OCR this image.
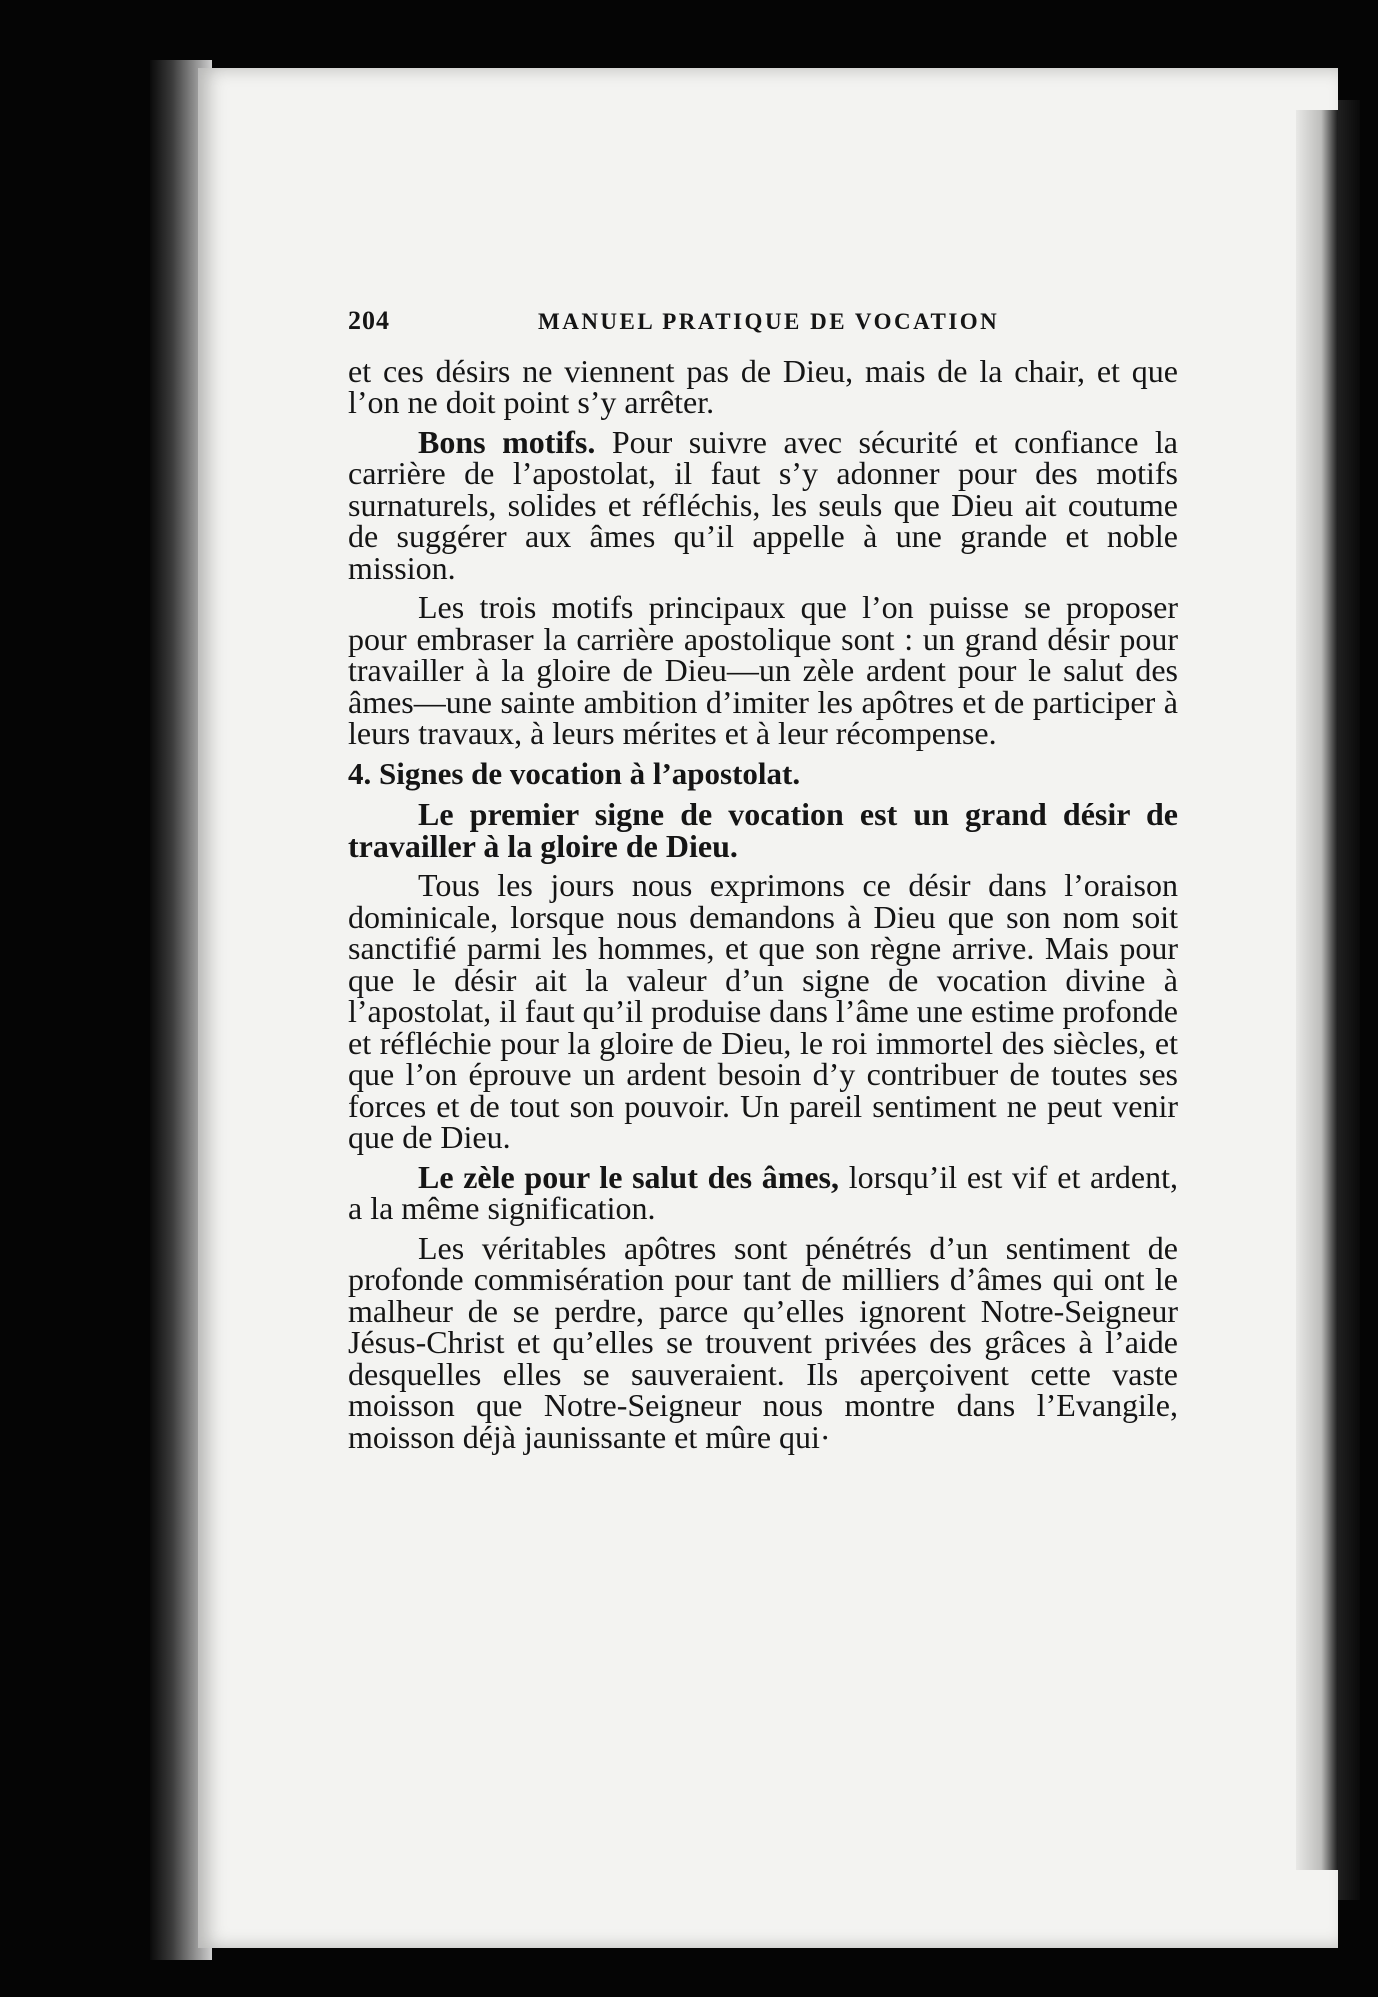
204	MANUEL PRATIQUE DE VOCATION

et ces désirs ne viennent pas de Dieu, mais de la chair, et que l’on ne doit point s’y arrêter.

Bons motifs. Pour suivre avec sécurité et confiance la carrière de l’apostolat, il faut s’y adonner pour des motifs surnaturels, solides et réfléchis, les seuls que Dieu ait coutume de suggérer aux âmes qu’il appelle à une grande et noble mission.

Les trois motifs principaux que l’on puisse se proposer pour embraser la carrière apostolique sont : un grand désir pour travailler à la gloire de Dieu—un zèle ardent pour le salut des âmes—une sainte ambition d’imiter les apôtres et de participer à leurs travaux, à leurs mérites et à leur récompense.

4. Signes de vocation à l’apostolat.

Le premier signe de vocation est un grand désir de travailler à la gloire de Dieu.

Tous les jours nous exprimons ce désir dans l’oraison dominicale, lorsque nous demandons à Dieu que son nom soit sanctifié parmi les hommes, et que son règne arrive. Mais pour que le désir ait la valeur d’un signe de vocation divine à l’apostolat, il faut qu’il produise dans l’âme une estime profonde et réfléchie pour la gloire de Dieu, le roi immortel des siècles, et que l’on éprouve un ardent besoin d’y contribuer de toutes ses forces et de tout son pouvoir. Un pareil sentiment ne peut venir que de Dieu.

Le zèle pour le salut des âmes, lorsqu’il est vif et ardent, a la même signification.

Les véritables apôtres sont pénétrés d’un sentiment de profonde commisération pour tant de milliers d’âmes qui ont le malheur de se perdre, parce qu’elles ignorent Notre-Seigneur Jésus-Christ et qu’elles se trouvent privées des grâces à l’aide desquelles elles se sauveraient. Ils aperçoivent cette vaste moisson que Notre-Seigneur nous montre dans l’Evangile, moisson déjà jaunissante et mûre qui·
